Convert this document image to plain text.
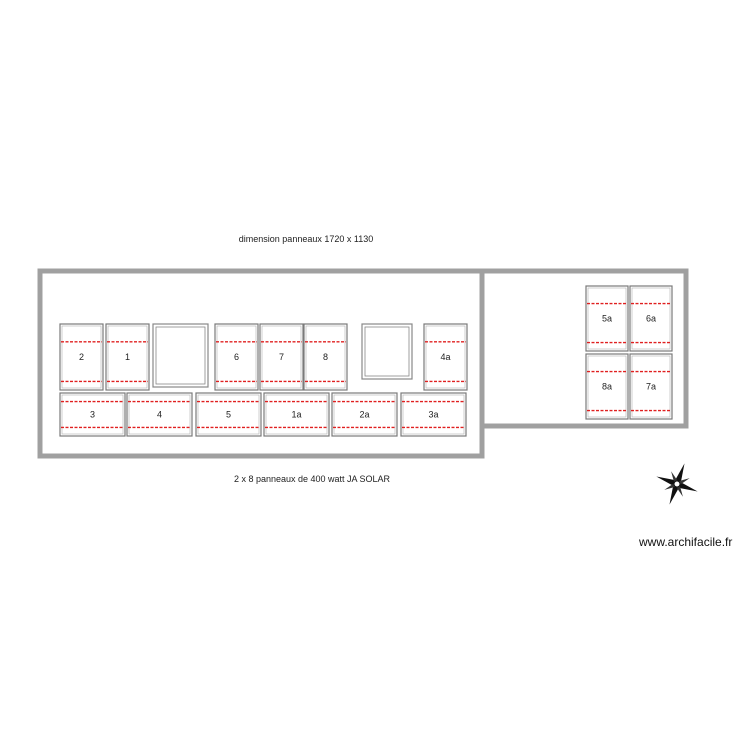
dimension panneaux 1720 x 1130
2 x 8 panneaux de 400 watt JA SOLAR
2	1	6	7	8	4a
3	4	5	1a	2a	3a
5a	6a
8a	7a
www.archifacile.fr
